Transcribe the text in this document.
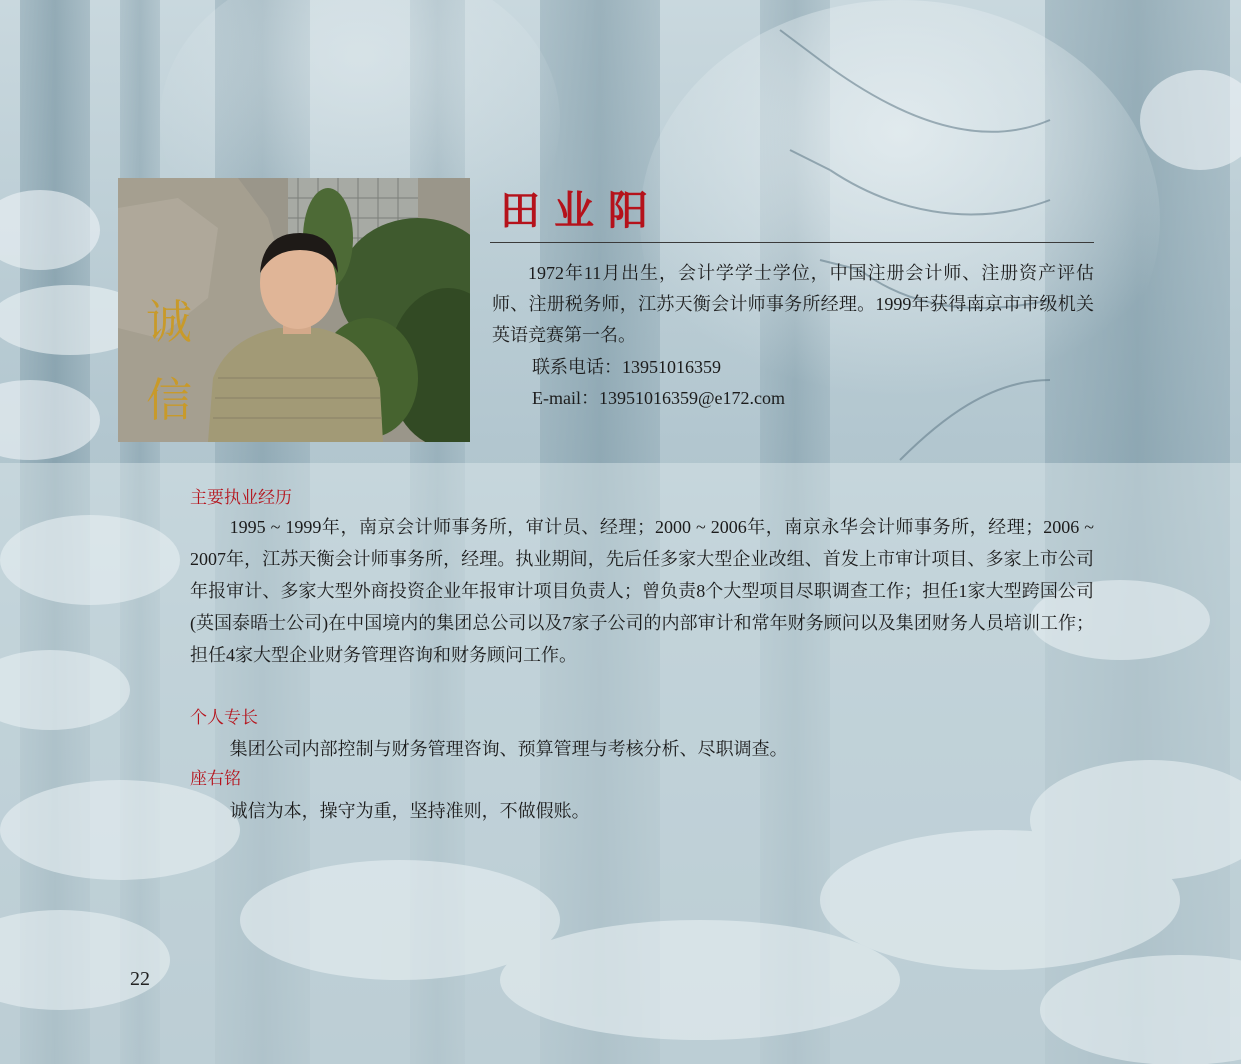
诚
信
田业阳

1972年11月出生，会计学学士学位，中国注册会计师、注册资产评估师、注册税务师，江苏天衡会计师事务所经理。1999年获得南京市市级机关英语竞赛第一名。

联系电话：13951016359
E-mail：13951016359@e172.com
主要执业经历

1995 ~ 1999年，南京会计师事务所，审计员、经理；2000 ~ 2006年，南京永华会计师事务所，经理；2006 ~ 2007年，江苏天衡会计师事务所，经理。执业期间，先后任多家大型企业改组、首发上市审计项目、多家上市公司年报审计、多家大型外商投资企业年报审计项目负责人；曾负责8个大型项目尽职调查工作；担任1家大型跨国公司(英国泰晤士公司)在中国境内的集团总公司以及7家子公司的内部审计和常年财务顾问以及集团财务人员培训工作；担任4家大型企业财务管理咨询和财务顾问工作。

个人专长

集团公司内部控制与财务管理咨询、预算管理与考核分析、尽职调查。

座右铭

诚信为本，操守为重，坚持准则，不做假账。

22
